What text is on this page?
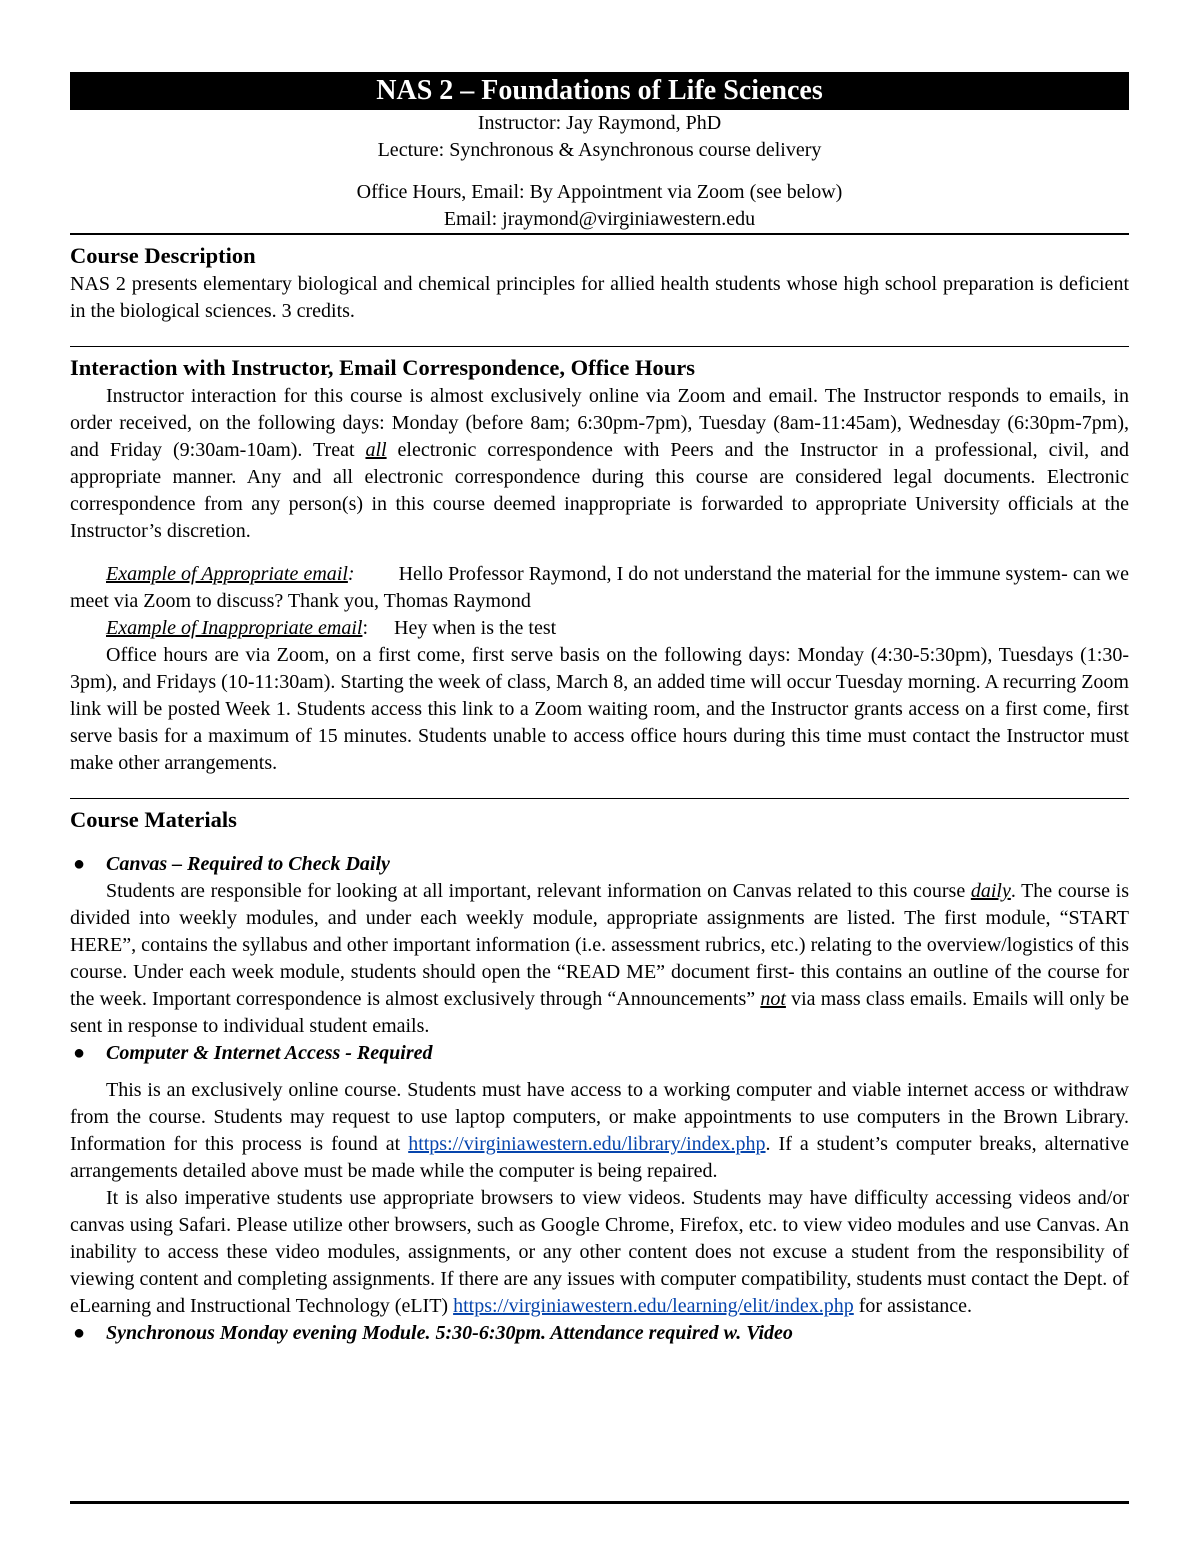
NAS 2 – Foundations of Life Sciences
Instructor: Jay Raymond, PhD
Lecture: Synchronous & Asynchronous course delivery
Office Hours, Email: By Appointment via Zoom (see below)
Email: jraymond@virginiawestern.edu
Course Description

NAS 2 presents elementary biological and chemical principles for allied health students whose high school preparation is deficient in the biological sciences. 3 credits.

Interaction with Instructor, Email Correspondence, Office Hours

Instructor interaction for this course is almost exclusively online via Zoom and email. The Instructor responds to emails, in order received, on the following days: Monday (before 8am; 6:30pm-7pm), Tuesday (8am-11:45am), Wednesday (6:30pm-7pm), and Friday (9:30am-10am). Treat all electronic correspondence with Peers and the Instructor in a professional, civil, and appropriate manner. Any and all electronic correspondence during this course are considered legal documents. Electronic correspondence from any person(s) in this course deemed inappropriate is forwarded to appropriate University officials at the Instructor’s discretion.

Example of Appropriate email: Hello Professor Raymond, I do not understand the material for the immune system- can we meet via Zoom to discuss? Thank you, Thomas Raymond

Example of Inappropriate email: Hey when is the test

Office hours are via Zoom, on a first come, first serve basis on the following days: Monday (4:30-5:30pm), Tuesdays (1:30-3pm), and Fridays (10-11:30am). Starting the week of class, March 8, an added time will occur Tuesday morning. A recurring Zoom link will be posted Week 1. Students access this link to a Zoom waiting room, and the Instructor grants access on a first come, first serve basis for a maximum of 15 minutes. Students unable to access office hours during this time must contact the Instructor must make other arrangements.

Course Materials
● Canvas – Required to Check Daily

Students are responsible for looking at all important, relevant information on Canvas related to this course daily. The course is divided into weekly modules, and under each weekly module, appropriate assignments are listed. The first module, “START HERE”, contains the syllabus and other important information (i.e. assessment rubrics, etc.) relating to the overview/logistics of this course. Under each week module, students should open the “READ ME” document first- this contains an outline of the course for the week. Important correspondence is almost exclusively through “Announcements” not via mass class emails. Emails will only be sent in response to individual student emails.

● Computer & Internet Access - Required

This is an exclusively online course. Students must have access to a working computer and viable internet access or withdraw from the course. Students may request to use laptop computers, or make appointments to use computers in the Brown Library. Information for this process is found at https://virginiawestern.edu/library/index.php. If a student’s computer breaks, alternative arrangements detailed above must be made while the computer is being repaired.

It is also imperative students use appropriate browsers to view videos. Students may have difficulty accessing videos and/or canvas using Safari. Please utilize other browsers, such as Google Chrome, Firefox, etc. to view video modules and use Canvas. An inability to access these video modules, assignments, or any other content does not excuse a student from the responsibility of viewing content and completing assignments. If there are any issues with computer compatibility, students must contact the Dept. of eLearning and Instructional Technology (eLIT) https://virginiawestern.edu/learning/elit/index.php for assistance.

● Synchronous Monday evening Module. 5:30-6:30pm. Attendance required w. Video
